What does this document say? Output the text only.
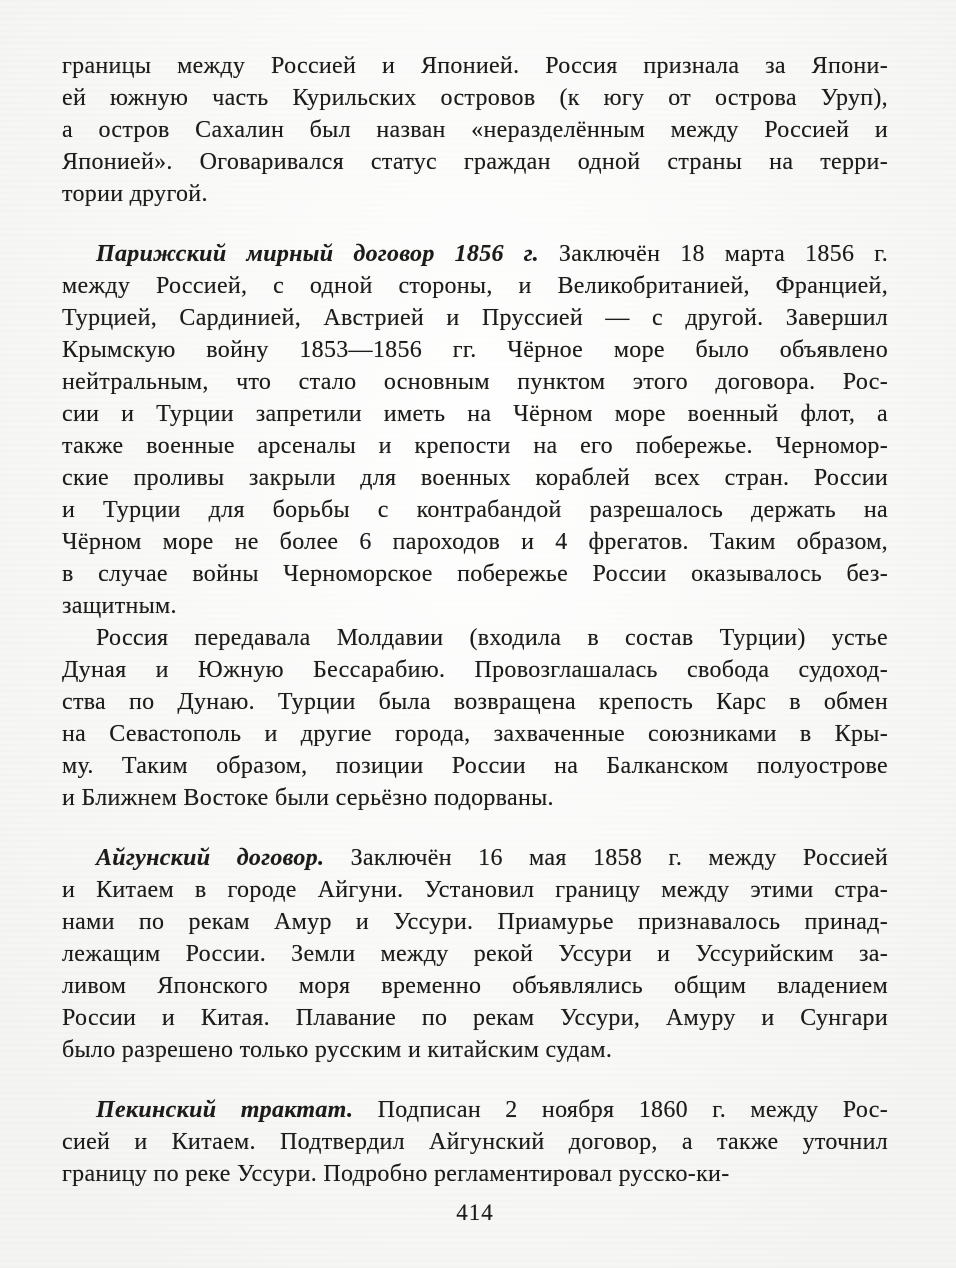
границы между Россией и Японией. Россия признала за Япони-
ей южную часть Курильских островов (к югу от острова Уруп),
а остров Сахалин был назван «неразделённым между Россией и
Японией». Оговаривался статус граждан одной страны на терри-
тории другой.
Парижский мирный договор 1856 г. Заключён 18 марта 1856 г.
между Россией, с одной стороны, и Великобританией, Францией,
Турцией, Сардинией, Австрией и Пруссией — с другой. Завершил
Крымскую войну 1853—1856 гг. Чёрное море было объявлено
нейтральным, что стало основным пунктом этого договора. Рос-
сии и Турции запретили иметь на Чёрном море военный флот, а
также военные арсеналы и крепости на его побережье. Черномор-
ские проливы закрыли для военных кораблей всех стран. России
и Турции для борьбы с контрабандой разрешалось держать на
Чёрном море не более 6 пароходов и 4 фрегатов. Таким образом,
в случае войны Черноморское побережье России оказывалось без-
защитным.
Россия передавала Молдавии (входила в состав Турции) устье
Дуная и Южную Бессарабию. Провозглашалась свобода судоход-
ства по Дунаю. Турции была возвращена крепость Карс в обмен
на Севастополь и другие города, захваченные союзниками в Кры-
му. Таким образом, позиции России на Балканском полуострове
и Ближнем Востоке были серьёзно подорваны.
Айгунский договор. Заключён 16 мая 1858 г. между Россией
и Китаем в городе Айгуни. Установил границу между этими стра-
нами по рекам Амур и Уссури. Приамурье признавалось принад-
лежащим России. Земли между рекой Уссури и Уссурийским за-
ливом Японского моря временно объявлялись общим владением
России и Китая. Плавание по рекам Уссури, Амуру и Сунгари
было разрешено только русским и китайским судам.
Пекинский трактат. Подписан 2 ноября 1860 г. между Рос-
сией и Китаем. Подтвердил Айгунский договор, а также уточнил
границу по реке Уссури. Подробно регламентировал русско-ки-
414
